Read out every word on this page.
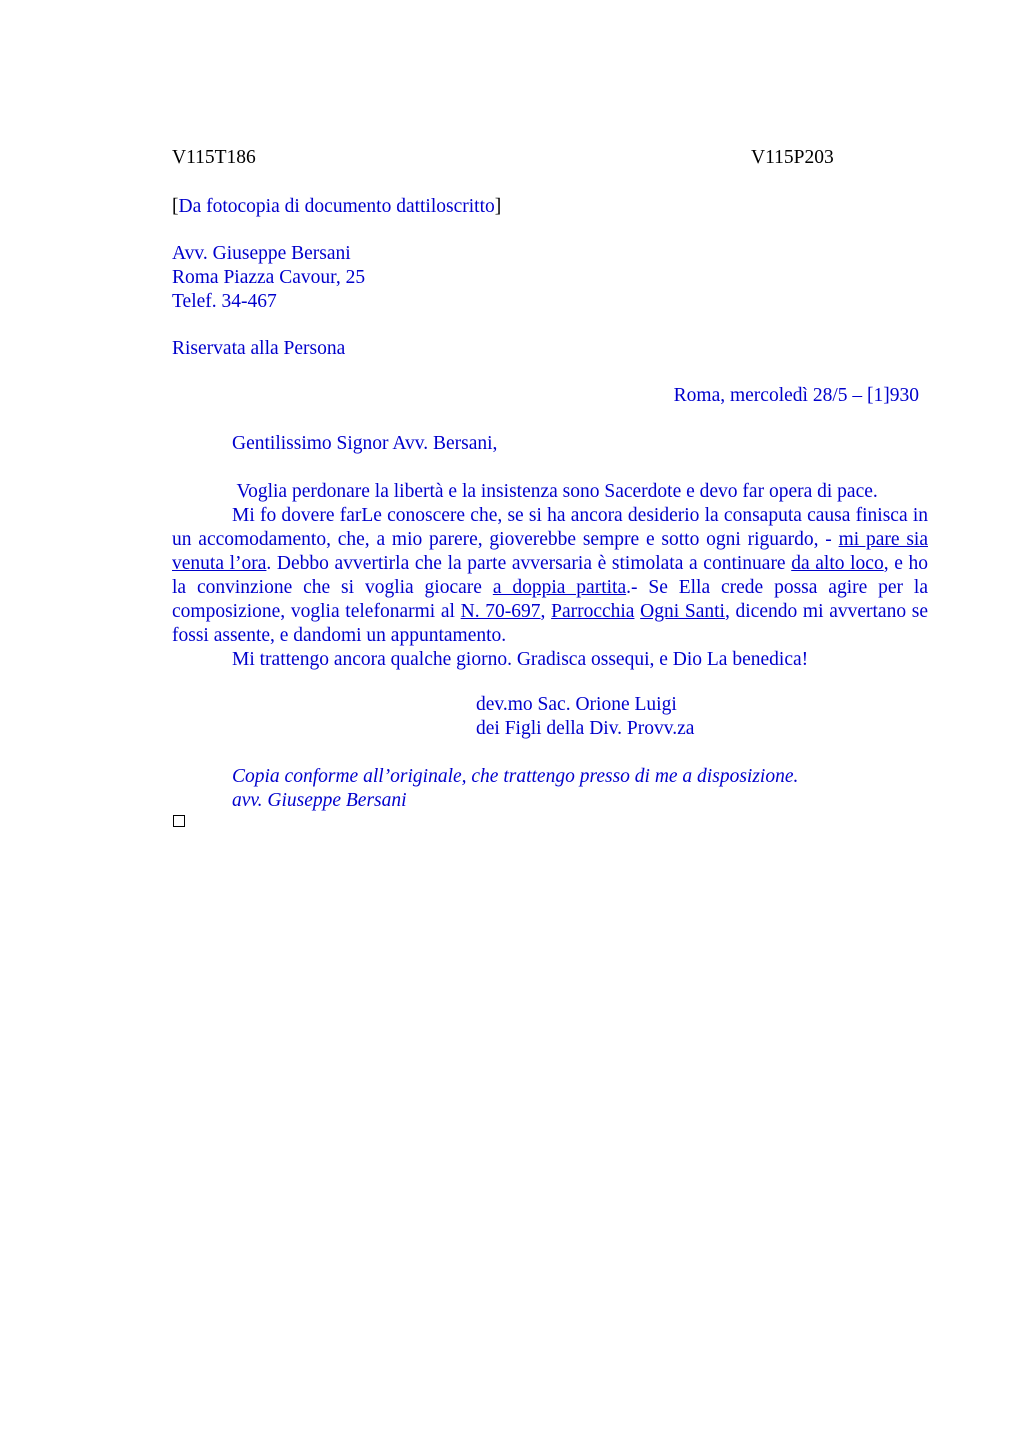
V115T186	V115P203
[Da fotocopia di documento dattiloscritto]
Avv. Giuseppe Bersani
Roma Piazza Cavour, 25
Telef. 34-467
Riservata alla Persona
Roma, mercoledì 28/5 – [1]930
Gentilissimo Signor Avv. Bersani,

Voglia perdonare la libertà e la insistenza sono Sacerdote e devo far opera di pace.

Mi fo dovere farLe conoscere che, se si ha ancora desiderio la consaputa causa finisca in un accomodamento, che, a mio parere, gioverebbe sempre e sotto ogni riguardo, - mi pare sia venuta l’ora. Debbo avvertirla che la parte avversaria è stimolata a continuare da alto loco, e ho la convinzione che si voglia giocare a doppia partita.- Se Ella crede possa agire per la composizione, voglia telefonarmi al N. 70-697, Parrocchia Ogni Santi, dicendo mi avvertano se fossi assente, e dandomi un appuntamento.

Mi trattengo ancora qualche giorno. Gradisca ossequi, e Dio La benedica!

dev.mo Sac. Orione Luigi
dei Figli della Div. Provv.za
Copia conforme all’originale, che trattengo presso di me a disposizione.
avv. Giuseppe Bersani
